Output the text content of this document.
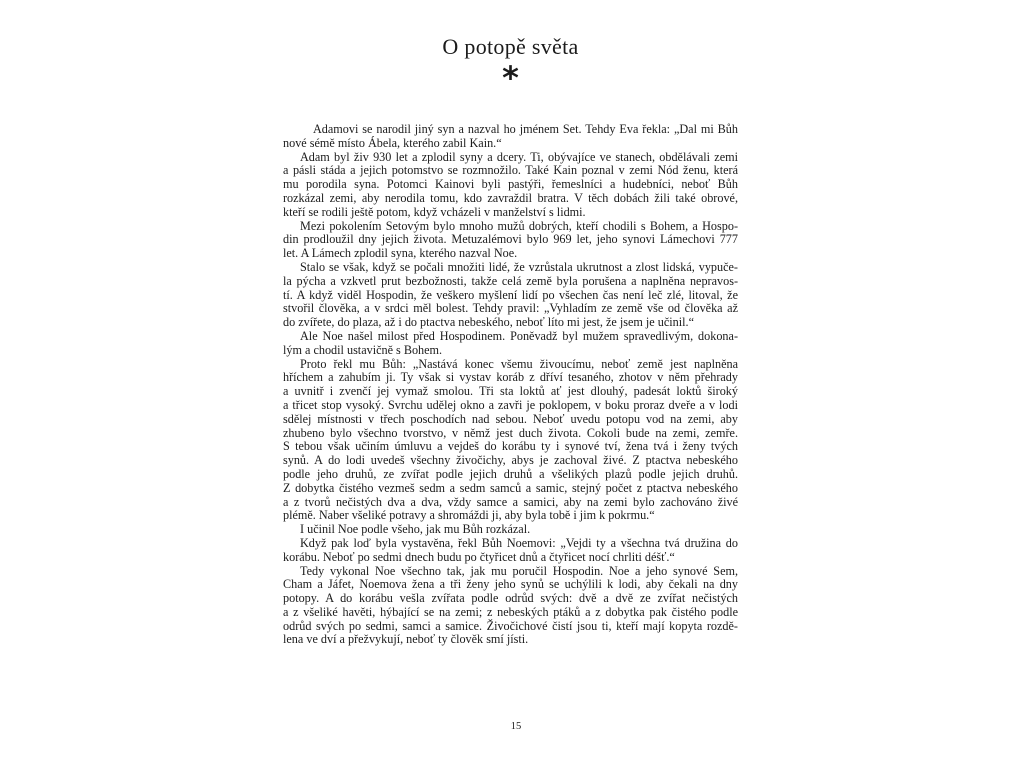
O potopě světa
*
Adamovi se narodil jiný syn a nazval ho jménem Set. Tehdy Eva řekla: „Dal mi Bůh
nové sémě místo Ábela, kterého zabil Kain.“
Adam byl živ 930 let a zplodil syny a dcery. Ti, obývajíce ve stanech, obdělávali zemi
a pásli stáda a jejich potomstvo se rozmnožilo. Také Kain poznal v zemi Nód ženu, která
mu porodila syna. Potomci Kainovi byli pastýři, řemeslníci a hudebníci, neboť Bůh
rozkázal zemi, aby nerodila tomu, kdo zavraždil bratra. V těch dobách žili také obrové,
kteří se rodili ještě potom, když vcházeli v manželství s lidmi.
Mezi pokolením Setovým bylo mnoho mužů dobrých, kteří chodili s Bohem, a Hospo-
din prodloužil dny jejich života. Metuzalémovi bylo 969 let, jeho synovi Lámechovi 777
let. A Lámech zplodil syna, kterého nazval Noe.
Stalo se však, když se počali množiti lidé, že vzrůstala ukrutnost a zlost lidská, vypuče-
la pýcha a vzkvetl prut bezbožnosti, takže celá země byla porušena a naplněna nepravos-
tí. A když viděl Hospodin, že veškero myšlení lidí po všechen čas není leč zlé, litoval, že
stvořil člověka, a v srdci měl bolest. Tehdy pravil: „Vyhladím ze země vše od člověka až
do zvířete, do plaza, až i do ptactva nebeského, neboť líto mi jest, že jsem je učinil.“
Ale Noe našel milost před Hospodinem. Poněvadž byl mužem spravedlivým, dokona-
lým a chodil ustavičně s Bohem.
Proto řekl mu Bůh: „Nastává konec všemu živoucímu, neboť země jest naplněna
hříchem a zahubím ji. Ty však si vystav koráb z dříví tesaného, zhotov v něm přehrady
a uvnitř i zvenčí jej vymaž smolou. Tři sta loktů ať jest dlouhý, padesát loktů široký
a třicet stop vysoký. Svrchu udělej okno a zavři je poklopem, v boku proraz dveře a v lodi
sdělej místnosti v třech poschodích nad sebou. Neboť uvedu potopu vod na zemi, aby
zhubeno bylo všechno tvorstvo, v němž jest duch života. Cokoli bude na zemi, zemře.
S tebou však učiním úmluvu a vejdeš do korábu ty i synové tví, žena tvá i ženy tvých
synů. A do lodi uvedeš všechny živočichy, abys je zachoval živé. Z ptactva nebeského
podle jeho druhů, ze zvířat podle jejich druhů a všelikých plazů podle jejich druhů.
Z dobytka čistého vezmeš sedm a sedm samců a samic, stejný počet z ptactva nebeského
a z tvorů nečistých dva a dva, vždy samce a samici, aby na zemi bylo zachováno živé
plémě. Naber všeliké potravy a shromáždi ji, aby byla tobě i jim k pokrmu.“
I učinil Noe podle všeho, jak mu Bůh rozkázal.
Když pak loď byla vystavěna, řekl Bůh Noemovi: „Vejdi ty a všechna tvá družina do
korábu. Neboť po sedmi dnech budu po čtyřicet dnů a čtyřicet nocí chrliti déšť.“
Tedy vykonal Noe všechno tak, jak mu poručil Hospodin. Noe a jeho synové Sem,
Cham a Jáfet, Noemova žena a tři ženy jeho synů se uchýlili k lodi, aby čekali na dny
potopy. A do korábu vešla zvířata podle odrůd svých: dvě a dvě ze zvířat nečistých
a z všeliké havěti, hýbající se na zemi; z nebeských ptáků a z dobytka pak čistého podle
odrůd svých po sedmi, samci a samice. Živočichové čistí jsou ti, kteří mají kopyta rozdě-
lena ve dví a přežvykují, neboť ty člověk smí jísti.
15
